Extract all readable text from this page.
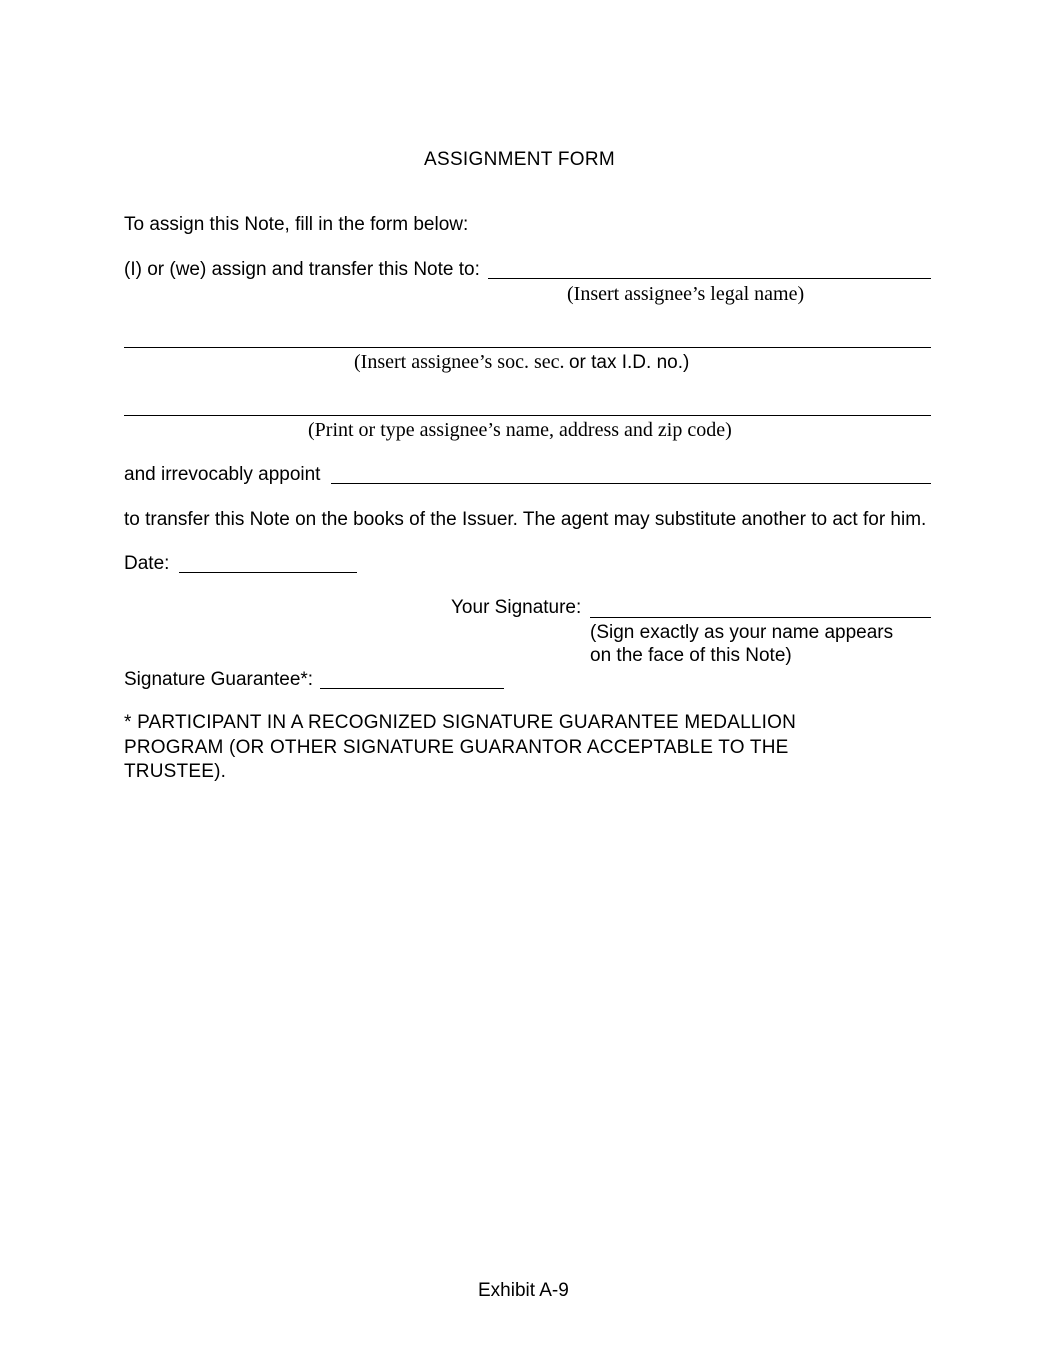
ASSIGNMENT FORM
To assign this Note, fill in the form below:
(I) or (we) assign and transfer this Note to:
(Insert assignee’s legal name)
(Insert assignee’s soc. sec. or tax I.D. no.)
(Print or type assignee’s name, address and zip code)
and irrevocably appoint
to transfer this Note on the books of the Issuer. The agent may substitute another to act for him.
Date:
Your Signature:
(Sign exactly as your name appears
on the face of this Note)
Signature Guarantee*:
* PARTICIPANT IN A RECOGNIZED SIGNATURE GUARANTEE MEDALLION
PROGRAM (OR OTHER SIGNATURE GUARANTOR ACCEPTABLE TO THE
TRUSTEE).
Exhibit A-9
